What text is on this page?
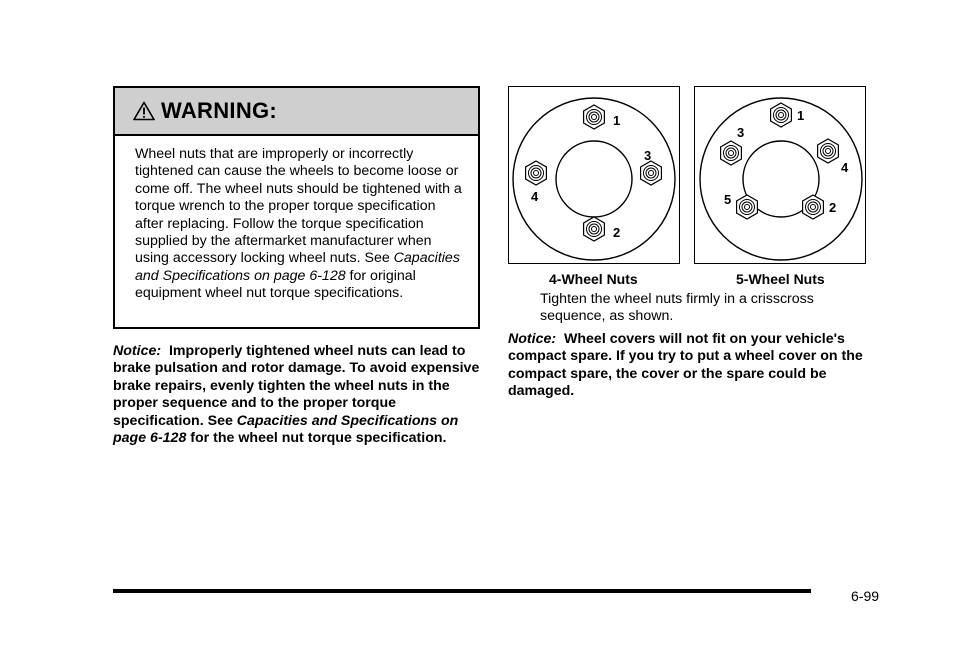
WARNING:
Wheel nuts that are improperly or incorrectly tightened can cause the wheels to become loose or come off. The wheel nuts should be tightened with a torque wrench to the proper torque specification after replacing. Follow the torque specification supplied by the aftermarket manufacturer when using accessory locking wheel nuts. See Capacities and Specifications on page 6-128 for original equipment wheel nut torque specifications.
Notice:  Improperly tightened wheel nuts can lead to brake pulsation and rotor damage. To avoid expensive brake repairs, evenly tighten the wheel nuts in the proper sequence and to the proper torque specification. See Capacities and Specifications on page 6-128 for the wheel nut torque specification.
1
2
3
4
4-Wheel Nuts
1
2
3
4
5
5-Wheel Nuts
Tighten the wheel nuts firmly in a crisscross sequence, as shown.
Notice:  Wheel covers will not fit on your vehicle's compact spare. If you try to put a wheel cover on the compact spare, the cover or the spare could be damaged.
6-99
